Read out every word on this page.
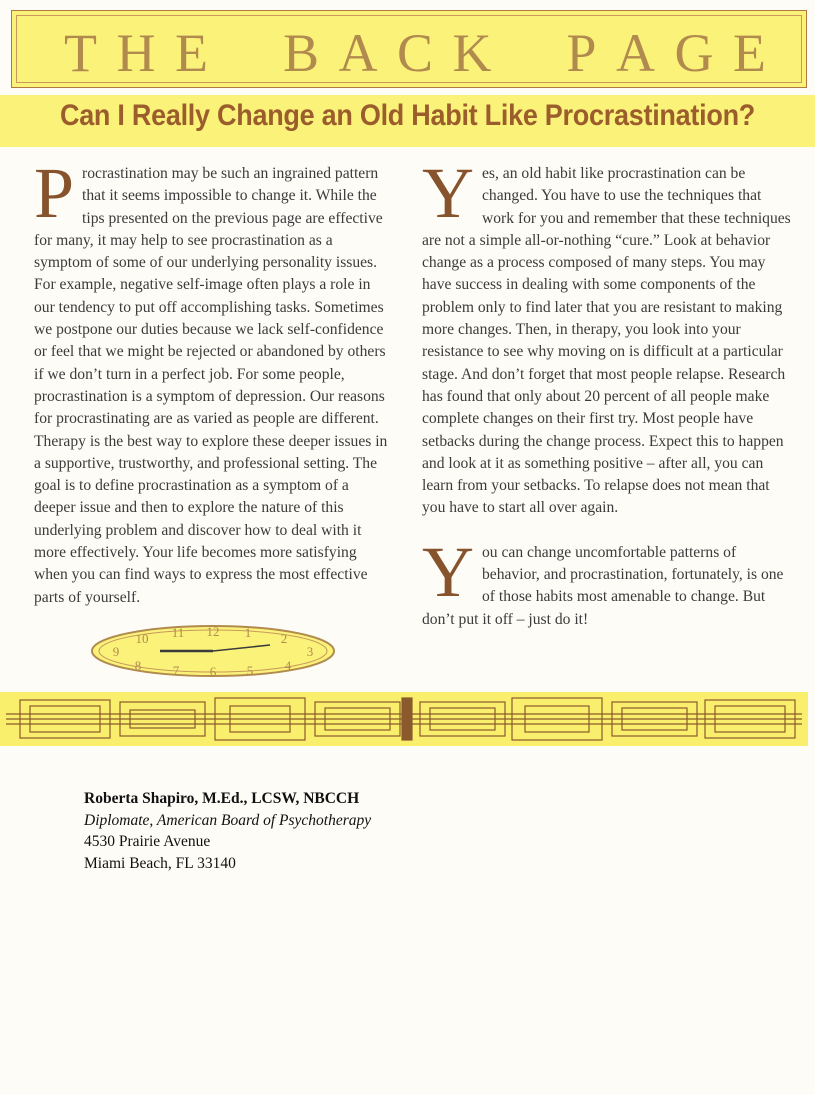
T H E B A C K P A G E
Can I Really Change an Old Habit Like Procrastination?
P rocrastination may be such an ingrained pattern that it seems impossible to change it. While the tips presented on the previous page are effective for many, it may help to see procrastination as a symptom of some of our underlying personality issues. For example, negative self-image often plays a role in our tendency to put off accomplishing tasks. Sometimes we postpone our duties because we lack self-confidence or feel that we might be rejected or abandoned by others if we don’t turn in a perfect job. For some people, procrastination is a symptom of depression. Our reasons for procrastinating are as varied as people are different. Therapy is the best way to explore these deeper issues in a supportive, trustworthy, and professional setting. The goal is to define procrastination as a symptom of a deeper issue and then to explore the nature of this underlying problem and discover how to deal with it more effectively. Your life becomes more satisfying when you can find ways to express the most effective parts of yourself.
Y es, an old habit like procrastination can be changed. You have to use the techniques that work for you and remember that these techniques are not a simple all-or-nothing “cure.” Look at behavior change as a process composed of many steps. You may have success in dealing with some components of the problem only to find later that you are resistant to making more changes. Then, in therapy, you look into your resistance to see why moving on is difficult at a particular stage. And don’t forget that most people relapse. Research has found that only about 20 percent of all people make complete changes on their first try. Most people have setbacks during the change process. Expect this to happen and look at it as something positive – after all, you can learn from your setbacks. To relapse does not mean that you have to start all over again.
Y ou can change uncomfortable patterns of behavior, and procrastination, fortunately, is one of those habits most amenable to change. But don’t put it off – just do it!
12 1 2
3
4
5
6
7
8
9
10 11
Roberta Shapiro, M.Ed., LCSW, NBCCH
Diplomate, American Board of Psychotherapy
4530 Prairie Avenue
Miami Beach, FL 33140
